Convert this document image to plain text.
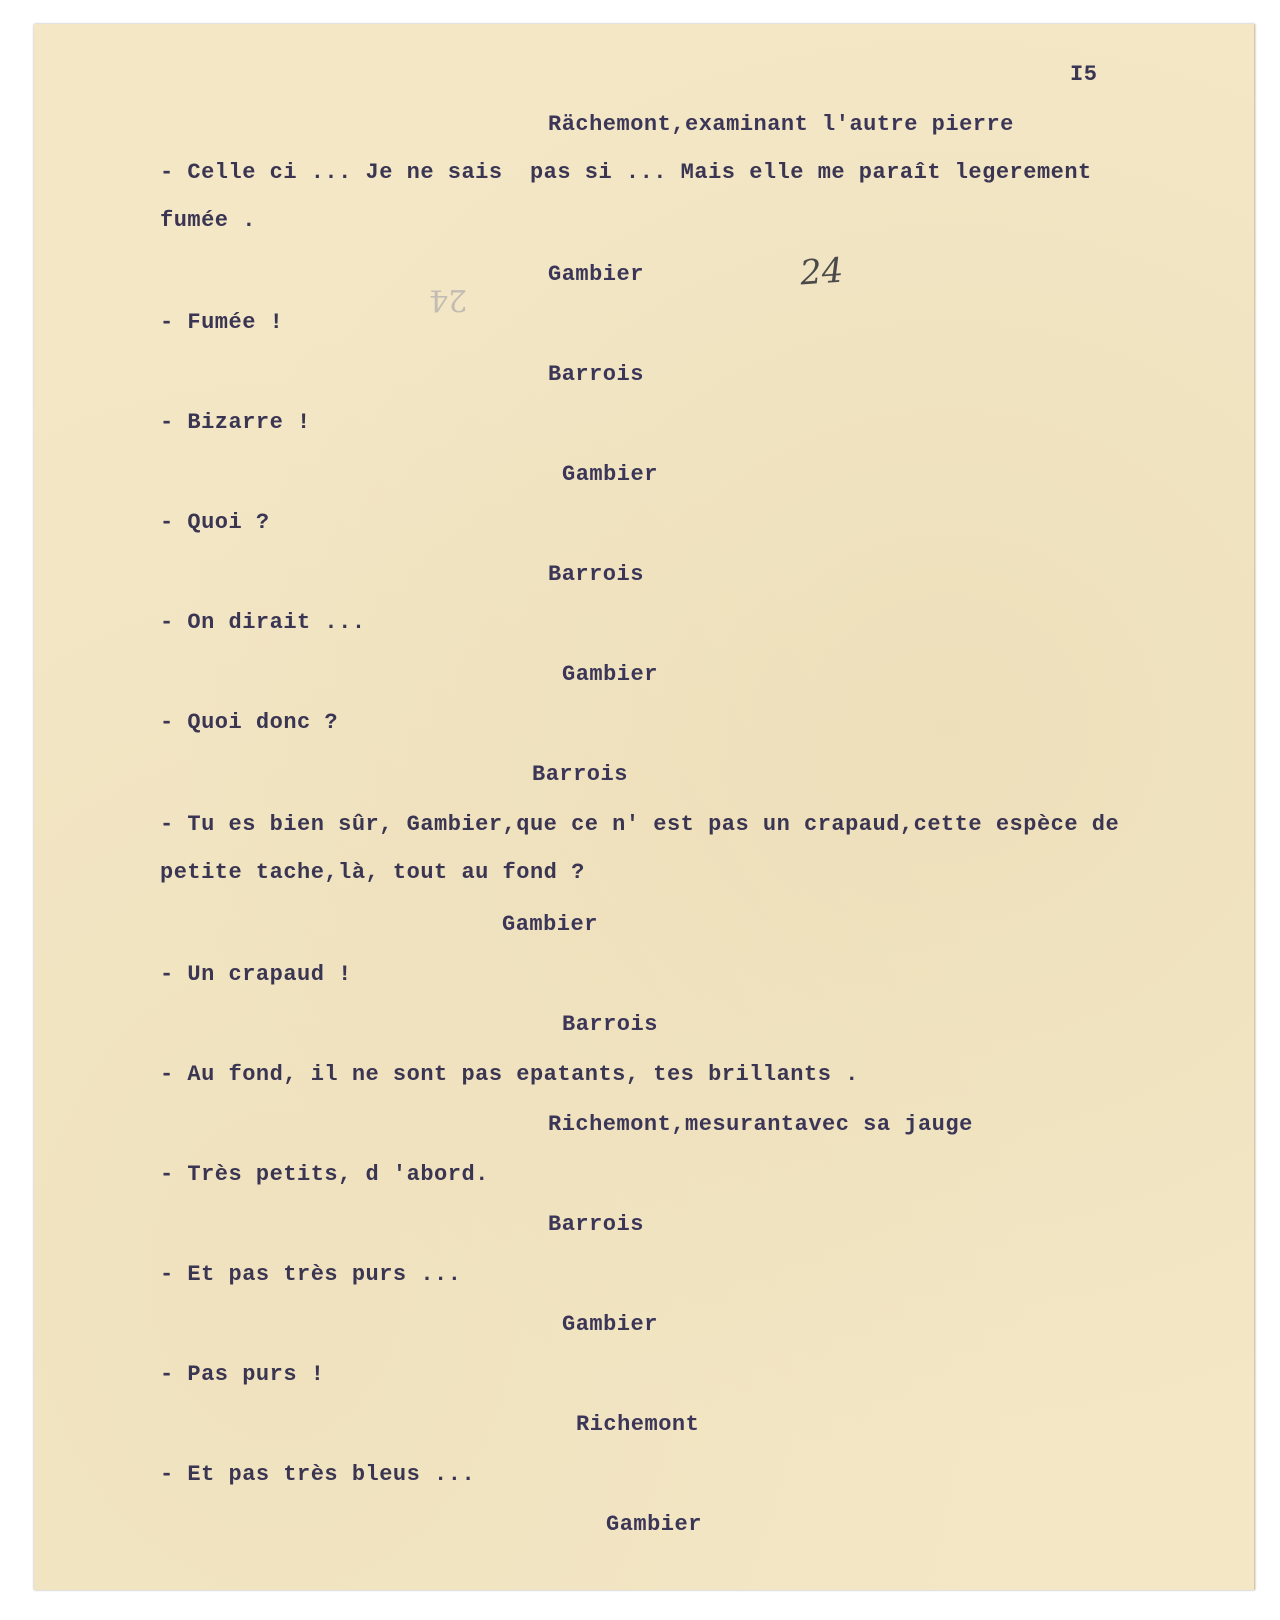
24
I5
24
Rächemont,examinant l'autre pierre
- Celle ci ... Je ne sais  pas si ... Mais elle me paraît legerement
fumée .
Gambier
- Fumée !
Barrois
- Bizarre !
Gambier
- Quoi ?
Barrois
- On dirait ...
Gambier
- Quoi donc ?
Barrois
- Tu es bien sûr, Gambier,que ce n' est pas un crapaud,cette espèce de
petite tache,là, tout au fond ?
Gambier
- Un crapaud !
Barrois
- Au fond, il ne sont pas epatants, tes brillants .
Richemont,mesurantavec sa jauge
- Très petits, d 'abord.
Barrois
- Et pas très purs ...
Gambier
- Pas purs !
Richemont
- Et pas très bleus ...
Gambier
